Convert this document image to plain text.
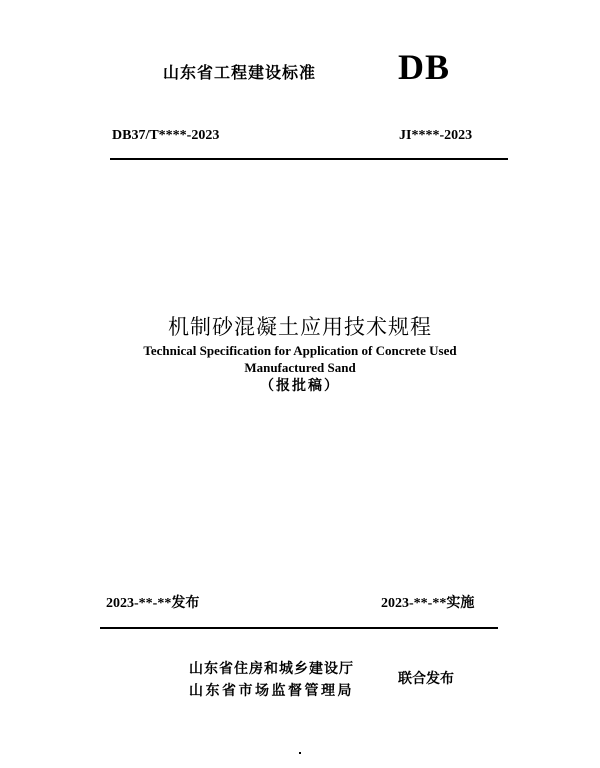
山东省工程建设标准 DB
DB37/T****-2023	JI****-2023
机制砂混凝土应用技术规程
Technical Specification for Application of Concrete Used
Manufactured Sand
（报批稿）
2023-**-**发布	2023-**-**实施
山东省住房和城乡建设厅
山东省市场监督管理局
联合发布
